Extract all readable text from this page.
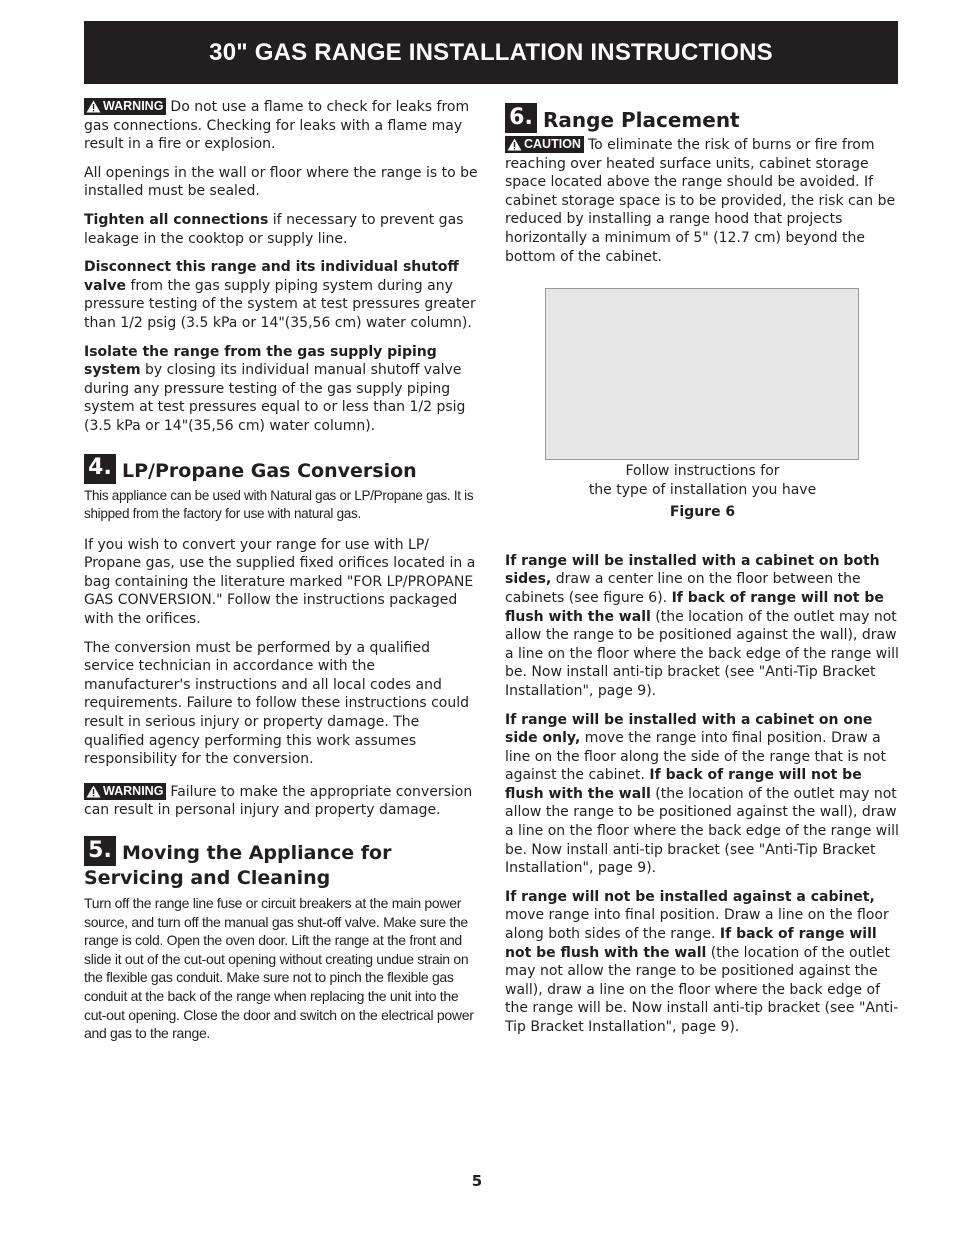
30" GAS RANGE INSTALLATION INSTRUCTIONS

WARNING Do not use a flame to check for leaks from gas connections. Checking for leaks with a flame may result in a fire or explosion.

All openings in the wall or floor where the range is to be installed must be sealed.

Tighten all connections if necessary to prevent gas leakage in the cooktop or supply line.

Disconnect this range and its individual shutoff valve from the gas supply piping system during any pressure testing of the system at test pressures greater than 1/2 psig (3.5 kPa or 14"(35,56 cm) water column).

Isolate the range from the gas supply piping system by closing its individual manual shutoff valve during any pressure testing of the gas supply piping system at test pressures equal to or less than 1/2 psig (3.5 kPa or 14"(35,56 cm) water column).

4. LP/Propane Gas Conversion

This appliance can be used with Natural gas or LP/Propane gas. It is shipped from the factory for use with natural gas.

If you wish to convert your range for use with LP/ Propane gas, use the supplied fixed orifices located in a bag containing the literature marked "FOR LP/PROPANE GAS CONVERSION." Follow the instructions packaged with the orifices.

The conversion must be performed by a qualified service technician in accordance with the manufacturer's instructions and all local codes and requirements. Failure to follow these instructions could result in serious injury or property damage. The qualified agency performing this work assumes responsibility for the conversion.

WARNING Failure to make the appropriate conversion can result in personal injury and property damage.

5. Moving the Appliance for
Servicing and Cleaning

Turn off the range line fuse or circuit breakers at the main power source, and turn off the manual gas shut-off valve. Make sure the range is cold. Open the oven door. Lift the range at the front and slide it out of the cut-out opening without creating undue strain on the flexible gas conduit. Make sure not to pinch the flexible gas conduit at the back of the range when replacing the unit into the cut-out opening. Close the door and switch on the electrical power and gas to the range.

6. Range Placement

CAUTION To eliminate the risk of burns or fire from reaching over heated surface units, cabinet storage space located above the range should be avoided. If cabinet storage space is to be provided, the risk can be reduced by installing a range hood that projects horizontally a minimum of 5" (12.7 cm) beyond the bottom of the cabinet.

Follow instructions for
the type of installation you have
Figure 6

If range will be installed with a cabinet on both sides, draw a center line on the floor between the cabinets (see figure 6). If back of range will not be flush with the wall (the location of the outlet may not allow the range to be positioned against the wall), draw a line on the floor where the back edge of the range will be. Now install anti-tip bracket (see "Anti-Tip Bracket Installation", page 9).

If range will be installed with a cabinet on one side only, move the range into final position. Draw a line on the floor along the side of the range that is not against the cabinet. If back of range will not be flush with the wall (the location of the outlet may not allow the range to be positioned against the wall), draw a line on the floor where the back edge of the range will be. Now install anti-tip bracket (see "Anti-Tip Bracket Installation", page 9).

If range will not be installed against a cabinet, move range into final position. Draw a line on the floor along both sides of the range. If back of range will not be flush with the wall (the location of the outlet may not allow the range to be positioned against the wall), draw a line on the floor where the back edge of the range will be. Now install anti-tip bracket (see "Anti-Tip Bracket Installation", page 9).

5
